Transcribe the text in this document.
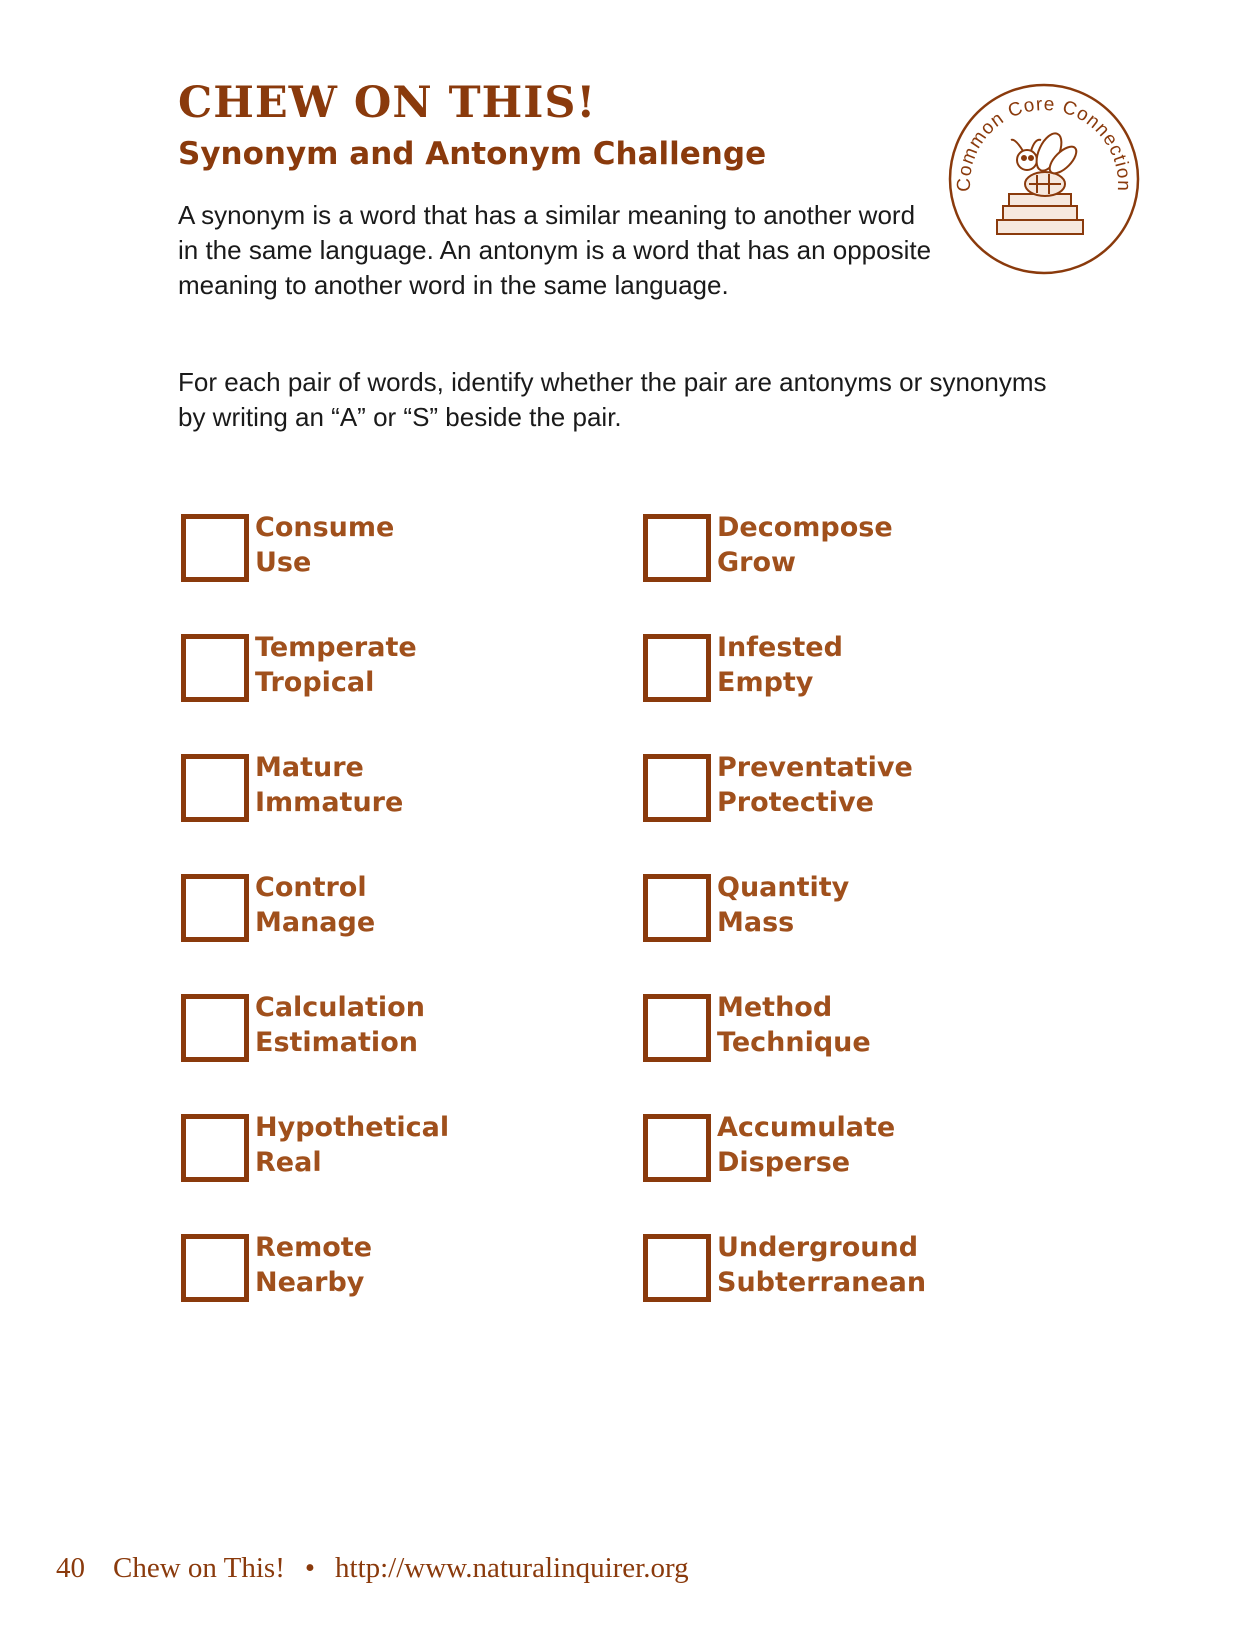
CHEW ON THIS!
Synonym and Antonym Challenge
Common Core Connection

A synonym is a word that has a similar meaning to another word in the same language. An antonym is a word that has an opposite meaning to another word in the same language.

For each pair of words, identify whether the pair are antonyms or synonyms by writing an “A” or “S” beside the pair.

Consume
Use
Temperate
Tropical
Mature
Immature
Control
Manage
Calculation
Estimation
Hypothetical
Real
Remote
Nearby
Decompose
Grow
Infested
Empty
Preventative
Protective
Quantity
Mass
Method
Technique
Accumulate
Disperse
Underground
Subterranean
40 Chew on This! • http://www.naturalinquirer.org
